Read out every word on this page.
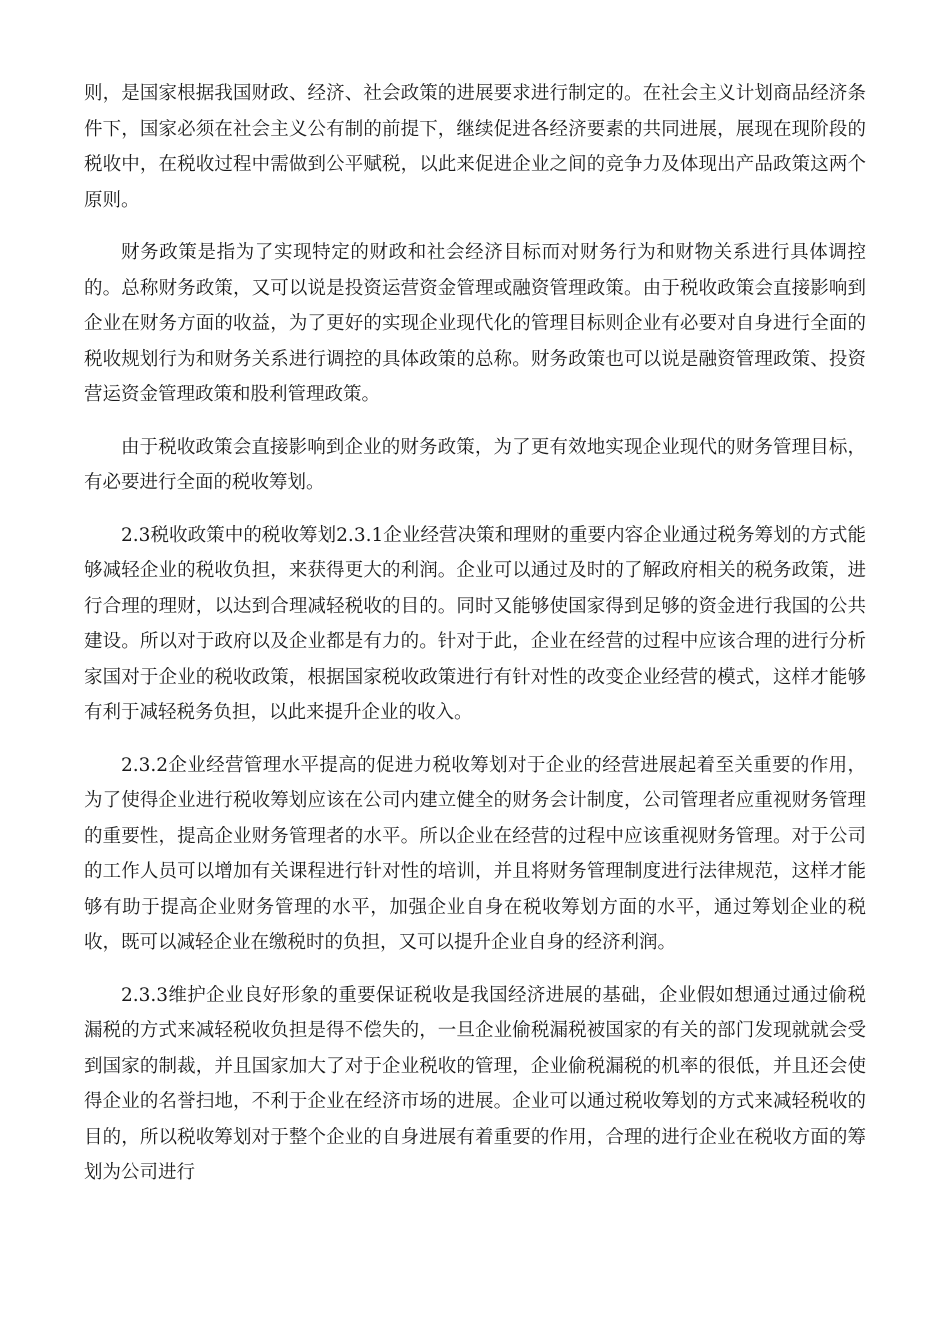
则，是国家根据我国财政、经济、社会政策的进展要求进行制定的。在社会主义计划商品经济条件下，国家必须在社会主义公有制的前提下，继续促进各经济要素的共同进展，展现在现阶段的税收中，在税收过程中需做到公平赋税，以此来促进企业之间的竞争力及体现出产品政策这两个原则。

财务政策是指为了实现特定的财政和社会经济目标而对财务行为和财物关系进行具体调控的。总称财务政策，又可以说是投资运营资金管理或融资管理政策。由于税收政策会直接影响到企业在财务方面的收益，为了更好的实现企业现代化的管理目标则企业有必要对自身进行全面的税收规划行为和财务关系进行调控的具体政策的总称。财务政策也可以说是融资管理政策、投资营运资金管理政策和股利管理政策。

由于税收政策会直接影响到企业的财务政策，为了更有效地实现企业现代的财务管理目标，有必要进行全面的税收筹划。

2.3税收政策中的税收筹划2.3.1企业经营决策和理财的重要内容企业通过税务筹划的方式能够减轻企业的税收负担，来获得更大的利润。企业可以通过及时的了解政府相关的税务政策，进行合理的理财，以达到合理减轻税收的目的。同时又能够使国家得到足够的资金进行我国的公共建设。所以对于政府以及企业都是有力的。针对于此，企业在经营的过程中应该合理的进行分析家国对于企业的税收政策，根据国家税收政策进行有针对性的改变企业经营的模式，这样才能够有利于减轻税务负担，以此来提升企业的收入。

2.3.2企业经营管理水平提高的促进力税收筹划对于企业的经营进展起着至关重要的作用，为了使得企业进行税收筹划应该在公司内建立健全的财务会计制度，公司管理者应重视财务管理的重要性，提高企业财务管理者的水平。所以企业在经营的过程中应该重视财务管理。对于公司的工作人员可以增加有关课程进行针对性的培训，并且将财务管理制度进行法律规范，这样才能够有助于提高企业财务管理的水平，加强企业自身在税收筹划方面的水平，通过筹划企业的税收，既可以减轻企业在缴税时的负担，又可以提升企业自身的经济利润。

2.3.3维护企业良好形象的重要保证税收是我国经济进展的基础，企业假如想通过通过偷税漏税的方式来减轻税收负担是得不偿失的，一旦企业偷税漏税被国家的有关的部门发现就就会受到国家的制裁，并且国家加大了对于企业税收的管理，企业偷税漏税的机率的很低，并且还会使得企业的名誉扫地，不利于企业在经济市场的进展。企业可以通过税收筹划的方式来减轻税收的目的，所以税收筹划对于整个企业的自身进展有着重要的作用，合理的进行企业在税收方面的筹划为公司进行
